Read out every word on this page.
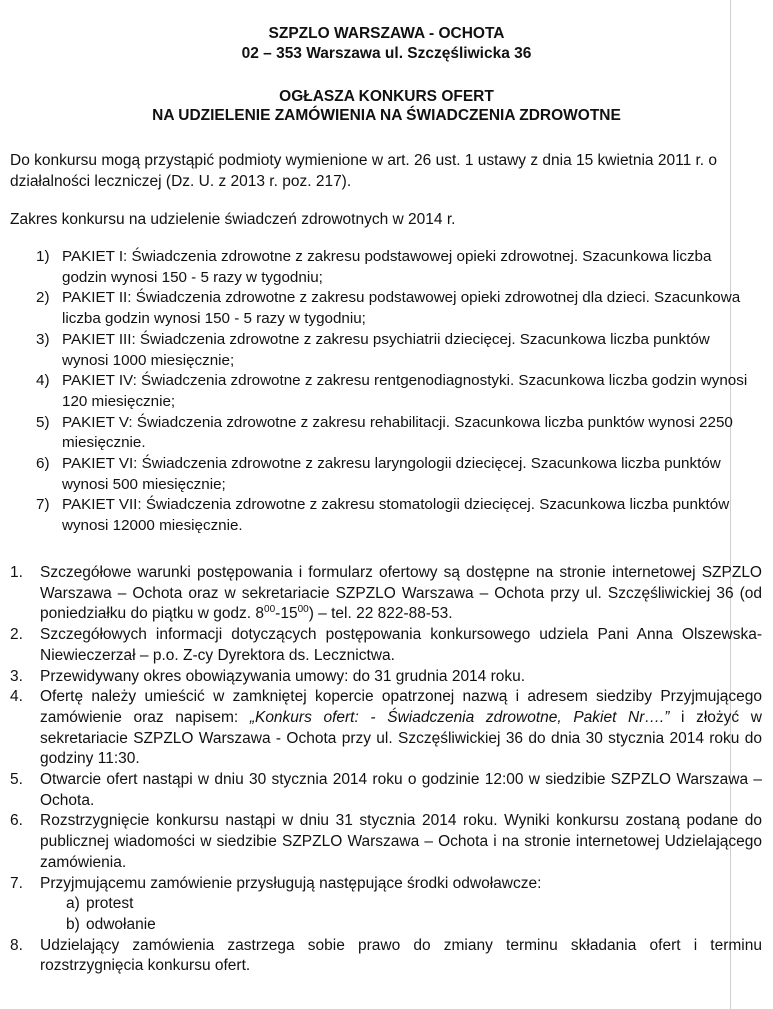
SZPZLO WARSZAWA - OCHOTA
02 – 353 Warszawa ul. Szczęśliwicka 36
OGŁASZA KONKURS OFERT
NA UDZIELENIE ZAMÓWIENIA NA ŚWIADCZENIA ZDROWOTNE
Do konkursu mogą przystąpić podmioty wymienione w art. 26 ust. 1 ustawy z dnia 15 kwietnia 2011 r. o działalności leczniczej (Dz. U. z 2013 r. poz. 217).
Zakres konkursu na udzielenie świadczeń zdrowotnych w 2014 r.
1) PAKIET I: Świadczenia zdrowotne z zakresu podstawowej opieki zdrowotnej. Szacunkowa liczba godzin wynosi 150 - 5 razy w tygodniu;
2) PAKIET II: Świadczenia zdrowotne z zakresu podstawowej opieki zdrowotnej dla dzieci. Szacunkowa liczba godzin wynosi 150 - 5 razy w tygodniu;
3) PAKIET III: Świadczenia zdrowotne z zakresu psychiatrii dziecięcej. Szacunkowa liczba punktów wynosi 1000 miesięcznie;
4) PAKIET IV: Świadczenia zdrowotne z zakresu rentgenodiagnostyki. Szacunkowa liczba godzin wynosi 120 miesięcznie;
5) PAKIET V: Świadczenia zdrowotne z zakresu rehabilitacji. Szacunkowa liczba punktów wynosi 2250 miesięcznie.
6) PAKIET VI: Świadczenia zdrowotne z zakresu laryngologii dziecięcej. Szacunkowa liczba punktów wynosi 500 miesięcznie;
7) PAKIET VII: Świadczenia zdrowotne z zakresu stomatologii dziecięcej. Szacunkowa liczba punktów wynosi 12000 miesięcznie.
1. Szczegółowe warunki postępowania i formularz ofertowy są dostępne na stronie internetowej SZPZLO Warszawa – Ochota oraz w sekretariacie SZPZLO Warszawa – Ochota przy ul. Szczęśliwickiej 36 (od poniedziałku do piątku w godz. $8^{00}-15^{00}$) – tel. 22 822-88-53.
2. Szczegółowych informacji dotyczących postępowania konkursowego udziela Pani Anna Olszewska-Niewieczerzał – p.o. Z-cy Dyrektora ds. Lecznictwa.
3. Przewidywany okres obowiązywania umowy: do 31 grudnia 2014 roku.
4. Ofertę należy umieścić w zamkniętej kopercie opatrzonej nazwą i adresem siedziby Przyjmującego zamówienie oraz napisem: „Konkurs ofert: - Świadczenia zdrowotne, Pakiet Nr….” i złożyć w sekretariacie SZPZLO Warszawa - Ochota przy ul. Szczęśliwickiej 36 do dnia 30 stycznia 2014 roku do godziny 11:30.
5. Otwarcie ofert nastąpi w dniu 30 stycznia 2014 roku o godzinie 12:00 w siedzibie SZPZLO Warszawa – Ochota.
6. Rozstrzygnięcie konkursu nastąpi w dniu 31 stycznia 2014 roku. Wyniki konkursu zostaną podane do publicznej wiadomości w siedzibie SZPZLO Warszawa – Ochota i na stronie internetowej Udzielającego zamówienia.
7. Przyjmującemu zamówienie przysługują następujące środki odwoławcze:
a) protest
b) odwołanie
8. Udzielający zamówienia zastrzega sobie prawo do zmiany terminu składania ofert i terminu rozstrzygnięcia konkursu ofert.
